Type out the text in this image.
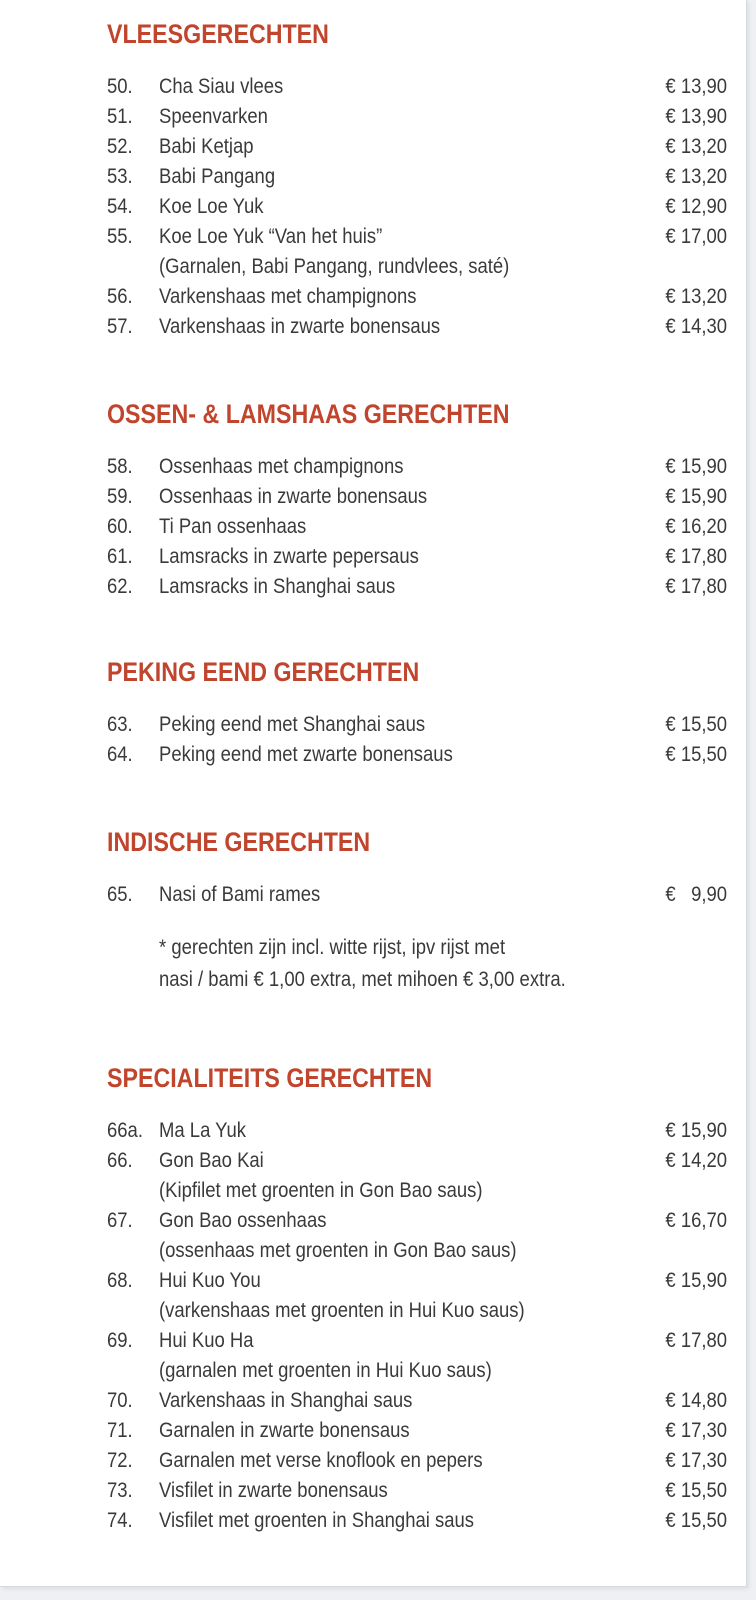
VLEESGERECHTEN
50. Cha Siau vlees	€ 13,90
51. Speenvarken	€ 13,90
52. Babi Ketjap	€ 13,20
53. Babi Pangang	€ 13,20
54. Koe Loe Yuk	€ 12,90
55. Koe Loe Yuk “Van het huis”	€ 17,00
(Garnalen, Babi Pangang, rundvlees, saté)
56. Varkenshaas met champignons	€ 13,20
57. Varkenshaas in zwarte bonensaus	€ 14,30
OSSEN- & LAMSHAAS GERECHTEN
58. Ossenhaas met champignons	€ 15,90
59. Ossenhaas in zwarte bonensaus	€ 15,90
60. Ti Pan ossenhaas	€ 16,20
61. Lamsracks in zwarte pepersaus	€ 17,80
62. Lamsracks in Shanghai saus	€ 17,80
PEKING EEND GERECHTEN
63. Peking eend met Shanghai saus	€ 15,50
64. Peking eend met zwarte bonensaus	€ 15,50
INDISCHE GERECHTEN
65. Nasi of Bami rames	€   9,90
* gerechten zijn incl. witte rijst, ipv rijst met
nasi / bami € 1,00 extra, met mihoen € 3,00 extra.
SPECIALITEITS GERECHTEN
66a. Ma La Yuk	€ 15,90
66. Gon Bao Kai	€ 14,20
(Kipfilet met groenten in Gon Bao saus)
67. Gon Bao ossenhaas	€ 16,70
(ossenhaas met groenten in Gon Bao saus)
68. Hui Kuo You	€ 15,90
(varkenshaas met groenten in Hui Kuo saus)
69. Hui Kuo Ha	€ 17,80
(garnalen met groenten in Hui Kuo saus)
70. Varkenshaas in Shanghai saus	€ 14,80
71. Garnalen in zwarte bonensaus	€ 17,30
72. Garnalen met verse knoflook en pepers	€ 17,30
73. Visfilet in zwarte bonensaus	€ 15,50
74. Visfilet met groenten in Shanghai saus	€ 15,50
